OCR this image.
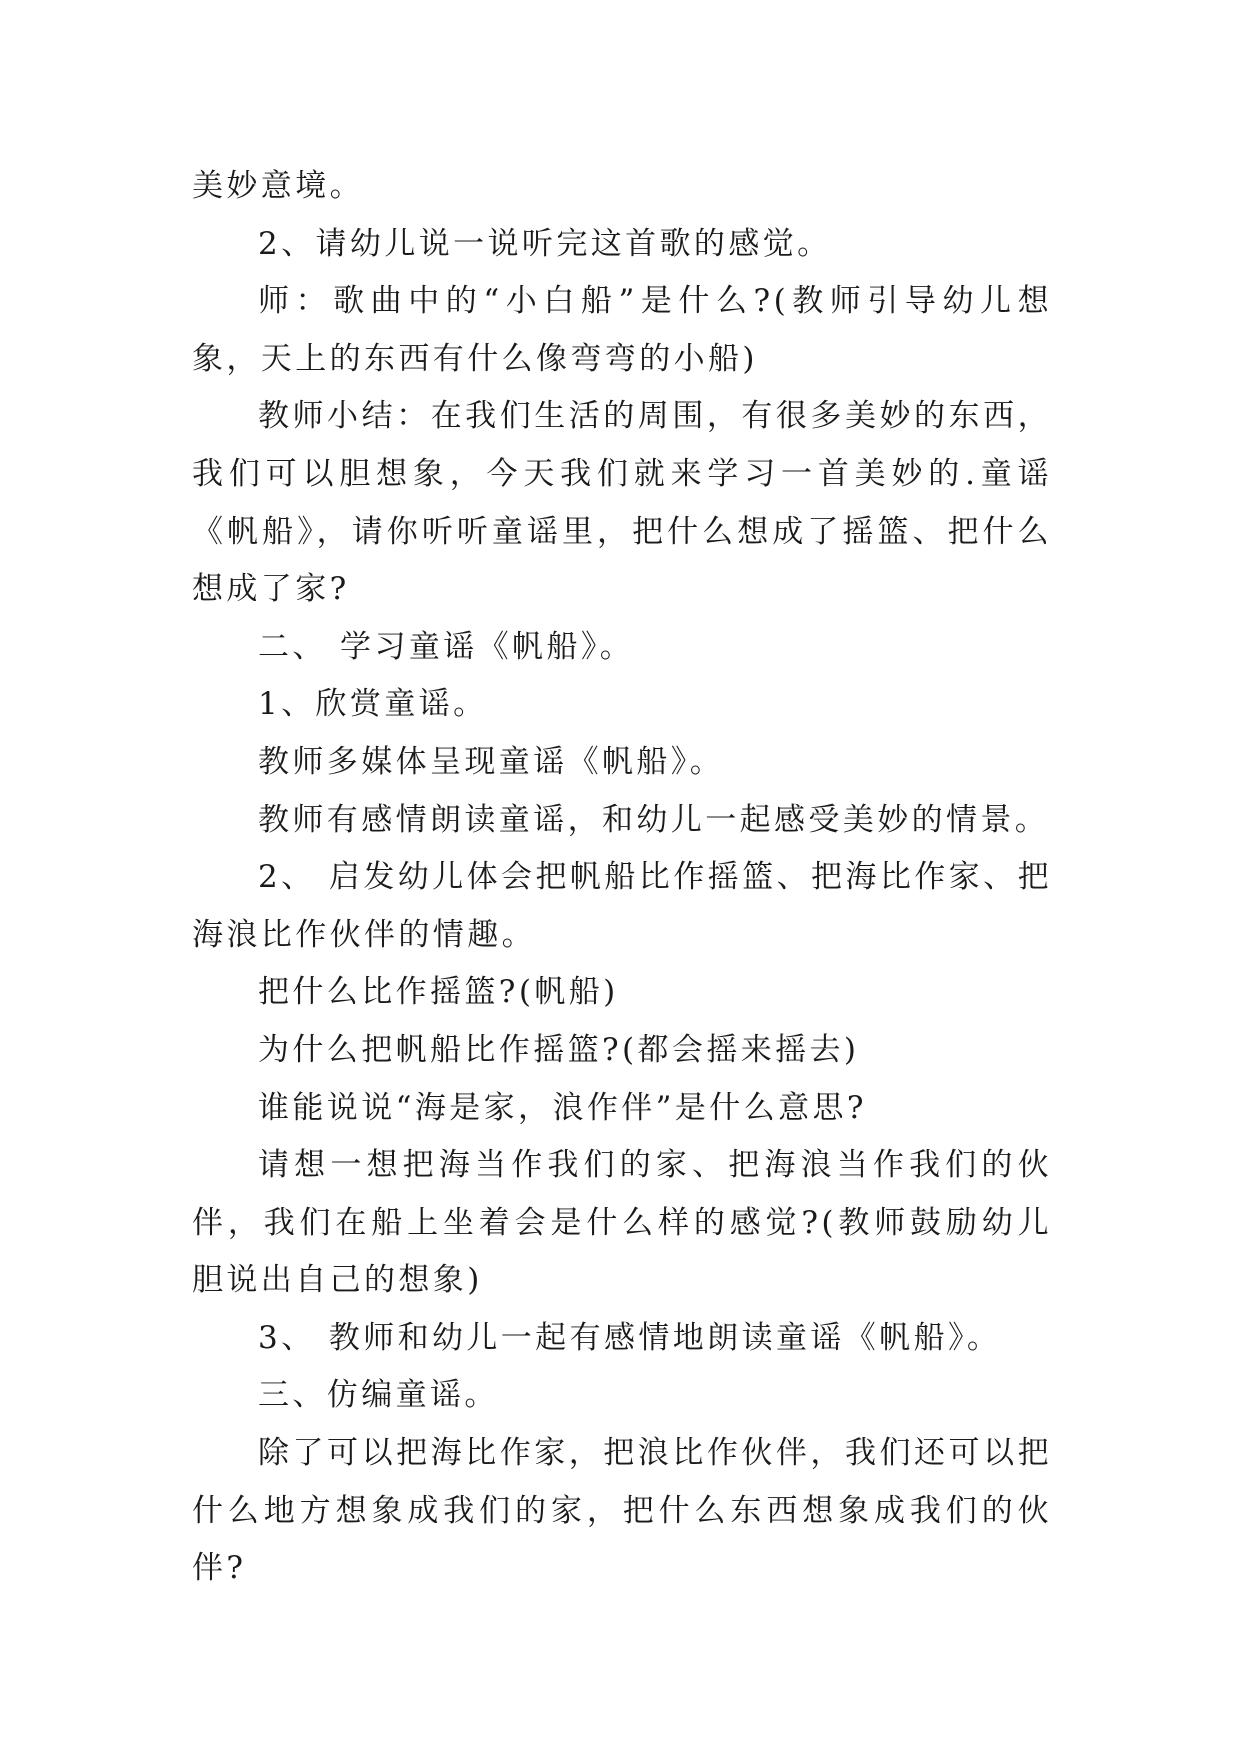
美妙意境。

2、请幼儿说一说听完这首歌的感觉。

师：歌曲中的“小白船”是什么?(教师引导幼儿想象，天上的东西有什么像弯弯的小船)

教师小结：在我们生活的周围，有很多美妙的东西，我们可以胆想象，今天我们就来学习一首美妙的.童谣《帆船》，请你听听童谣里，把什么想成了摇篮、把什么想成了家?

二、 学习童谣《帆船》。

1、欣赏童谣。

教师多媒体呈现童谣《帆船》。

教师有感情朗读童谣，和幼儿一起感受美妙的情景。

2、 启发幼儿体会把帆船比作摇篮、把海比作家、把海浪比作伙伴的情趣。

把什么比作摇篮?(帆船)

为什么把帆船比作摇篮?(都会摇来摇去)

谁能说说“海是家，浪作伴”是什么意思?

请想一想把海当作我们的家、把海浪当作我们的伙伴，我们在船上坐着会是什么样的感觉?(教师鼓励幼儿胆说出自己的想象)

3、 教师和幼儿一起有感情地朗读童谣《帆船》。

三、仿编童谣。

除了可以把海比作家，把浪比作伙伴，我们还可以把什么地方想象成我们的家，把什么东西想象成我们的伙伴?
